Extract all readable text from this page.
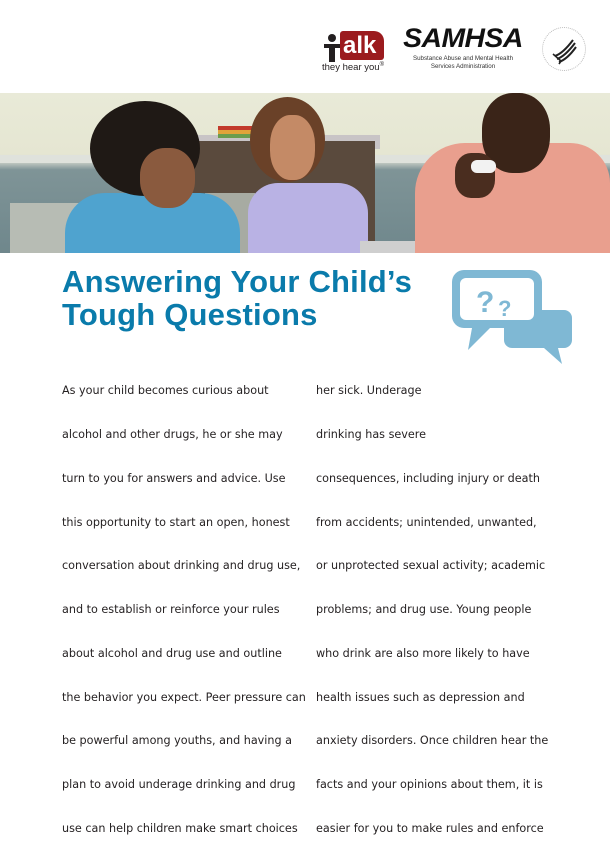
alk
they hear you®
SAMHSA
Substance Abuse and Mental Health
Services Administration
Answering Your Child’s
Tough Questions	? ?

As your child becomes curious about

alcohol and other drugs, he or she may

turn to you for answers and advice. Use

this opportunity to start an open, honest

conversation about drinking and drug use,

and to establish or reinforce your rules

about alcohol and drug use and outline

the behavior you expect. Peer pressure can

be powerful among youths, and having a

plan to avoid underage drinking and drug

use can help children make smart choices

her sick. Underage

drinking has severe

consequences, including injury or death

from accidents; unintended, unwanted,

or unprotected sexual activity; academic

problems; and drug use. Young people

who drink are also more likely to have

health issues such as depression and

anxiety disorders. Once children hear the

facts and your opinions about them, it is

easier for you to make rules and enforce
